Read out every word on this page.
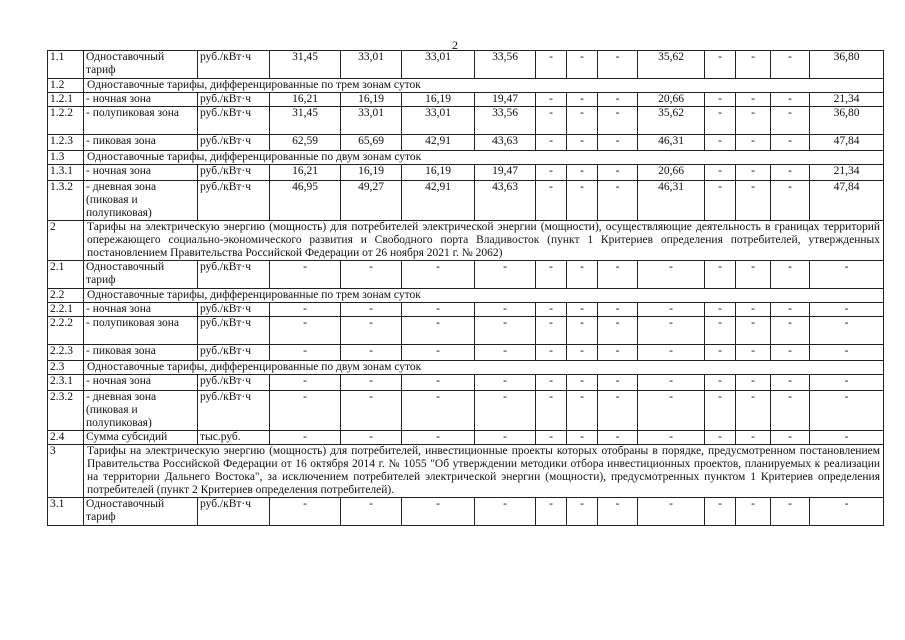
2
1.1	Одноставочный тариф	руб./кВт·ч	31,45	33,01	33,01	33,56	-	-	-	35,62	-	-	-	36,80
1.2	Одноставочные тарифы, дифференцированные по трем зонам суток													
1.2.1	- ночная зона	руб./кВт·ч	16,21	16,19	16,19	19,47	-	-	-	20,66	-	-	-	21,34
1.2.2	- полупиковая зона	руб./кВт·ч	31,45	33,01	33,01	33,56	-	-	-	35,62	-	-	-	36,80
1.2.3	- пиковая зона	руб./кВт·ч	62,59	65,69	42,91	43,63	-	-	-	46,31	-	-	-	47,84
1.3	Одноставочные тарифы, дифференцированные по двум зонам суток													
1.3.1	- ночная зона	руб./кВт·ч	16,21	16,19	16,19	19,47	-	-	-	20,66	-	-	-	21,34
1.3.2	- дневная зона (пиковая и полупиковая)	руб./кВт·ч	46,95	49,27	42,91	43,63	-	-	-	46,31	-	-	-	47,84
2	Тарифы на электрическую энергию (мощность) для потребителей электрической энергии (мощности), осуществляющие деятельность в границах территорий опережающего социально-экономического развития и Свободного порта Владивосток (пункт 1 Критериев определения потребителей, утвержденных постановлением Правительства Российской Федерации от 26 ноября 2021 г. № 2062)													
2.1	Одноставочный тариф	руб./кВт·ч	-	-	-	-	-	-	-	-	-	-	-	-
2.2	Одноставочные тарифы, дифференцированные по трем зонам суток													
2.2.1	- ночная зона	руб./кВт·ч	-	-	-	-	-	-	-	-	-	-	-	-
2.2.2	- полупиковая зона	руб./кВт·ч	-	-	-	-	-	-	-	-	-	-	-	-
2.2.3	- пиковая зона	руб./кВт·ч	-	-	-	-	-	-	-	-	-	-	-	-
2.3	Одноставочные тарифы, дифференцированные по двум зонам суток													
2.3.1	- ночная зона	руб./кВт·ч	-	-	-	-	-	-	-	-	-	-	-	-
2.3.2	- дневная зона (пиковая и полупиковая)	руб./кВт·ч	-	-	-	-	-	-	-	-	-	-	-	-
2.4	Сумма субсидий	тыс.руб.	-	-	-	-	-	-	-	-	-	-	-	-
3	Тарифы на электрическую энергию (мощность) для потребителей, инвестиционные проекты которых отобраны в порядке, предусмотренном постановлением Правительства Российской Федерации от 16 октября 2014 г. № 1055 "Об утверждении методики отбора инвестиционных проектов, планируемых к реализации на территории Дальнего Востока", за исключением потребителей электрической энергии (мощности), предусмотренных пунктом 1 Критериев определения потребителей (пункт 2 Критериев определения потребителей).													
3.1	Одноставочный тариф	руб./кВт·ч	-	-	-	-	-	-	-	-	-	-	-	-
